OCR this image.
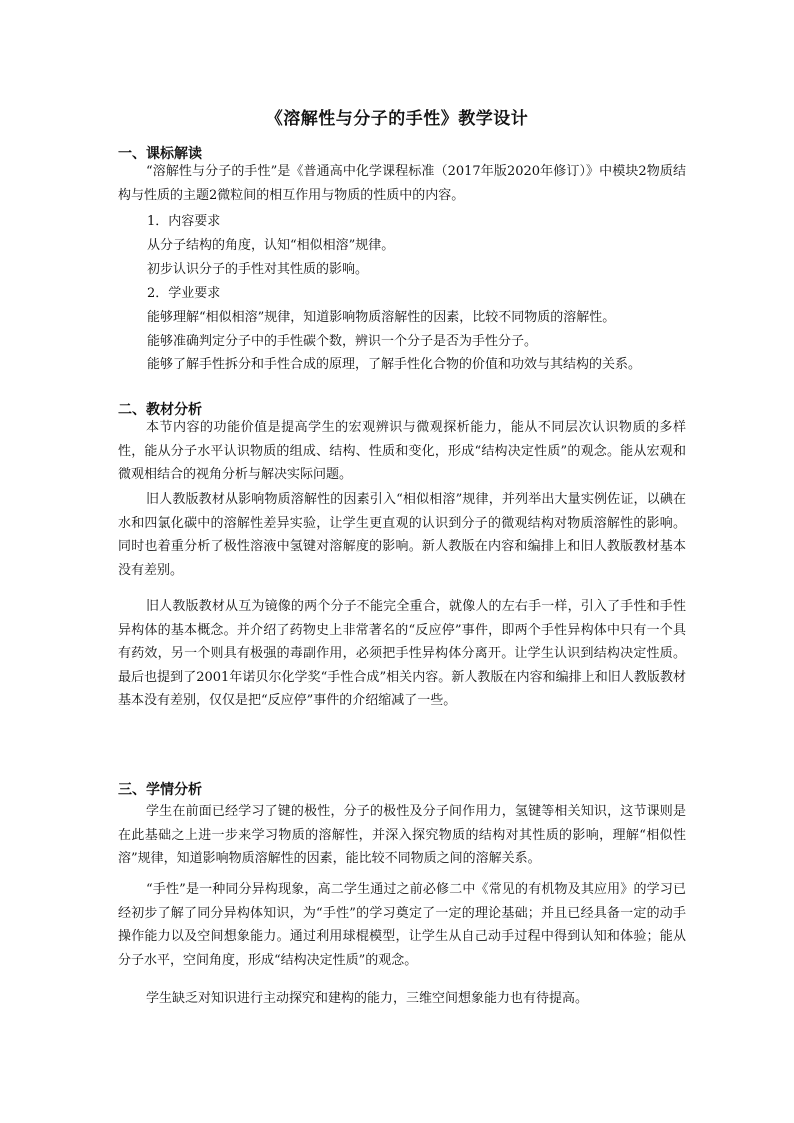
《溶解性与分子的手性》教学设计
一、课标解读
“溶解性与分子的手性”是《普通高中化学课程标准（2017年版2020年修订）》中模块2物质结构与性质的主题2微粒间的相互作用与物质的性质中的内容。
1．内容要求
从分子结构的角度，认知“相似相溶”规律。
初步认识分子的手性对其性质的影响。
2．学业要求
能够理解“相似相溶”规律，知道影响物质溶解性的因素，比较不同物质的溶解性。
能够准确判定分子中的手性碳个数，辨识一个分子是否为手性分子。
能够了解手性拆分和手性合成的原理，了解手性化合物的价值和功效与其结构的关系。
二、教材分析
本节内容的功能价值是提高学生的宏观辨识与微观探析能力，能从不同层次认识物质的多样性，能从分子水平认识物质的组成、结构、性质和变化，形成“结构决定性质”的观念。能从宏观和微观相结合的视角分析与解决实际问题。
旧人教版教材从影响物质溶解性的因素引入“相似相溶”规律，并列举出大量实例佐证，以碘在水和四氯化碳中的溶解性差异实验，让学生更直观的认识到分子的微观结构对物质溶解性的影响。同时也着重分析了极性溶液中氢键对溶解度的影响。新人教版在内容和编排上和旧人教版教材基本没有差别。
旧人教版教材从互为镜像的两个分子不能完全重合，就像人的左右手一样，引入了手性和手性异构体的基本概念。并介绍了药物史上非常著名的“反应停”事件，即两个手性异构体中只有一个具有药效，另一个则具有极强的毒副作用，必须把手性异构体分离开。让学生认识到结构决定性质。最后也提到了2001年诺贝尔化学奖“手性合成”相关内容。新人教版在内容和编排上和旧人教版教材基本没有差别，仅仅是把“反应停”事件的介绍缩减了一些。
三、学情分析
学生在前面已经学习了键的极性，分子的极性及分子间作用力，氢键等相关知识，这节课则是在此基础之上进一步来学习物质的溶解性，并深入探究物质的结构对其性质的影响，理解“相似性溶”规律，知道影响物质溶解性的因素，能比较不同物质之间的溶解关系。
“手性”是一种同分异构现象，高二学生通过之前必修二中《常见的有机物及其应用》的学习已经初步了解了同分异构体知识，为“手性”的学习奠定了一定的理论基础；并且已经具备一定的动手操作能力以及空间想象能力。通过利用球棍模型，让学生从自己动手过程中得到认知和体验；能从分子水平，空间角度，形成“结构决定性质”的观念。
学生缺乏对知识进行主动探究和建构的能力，三维空间想象能力也有待提高。
